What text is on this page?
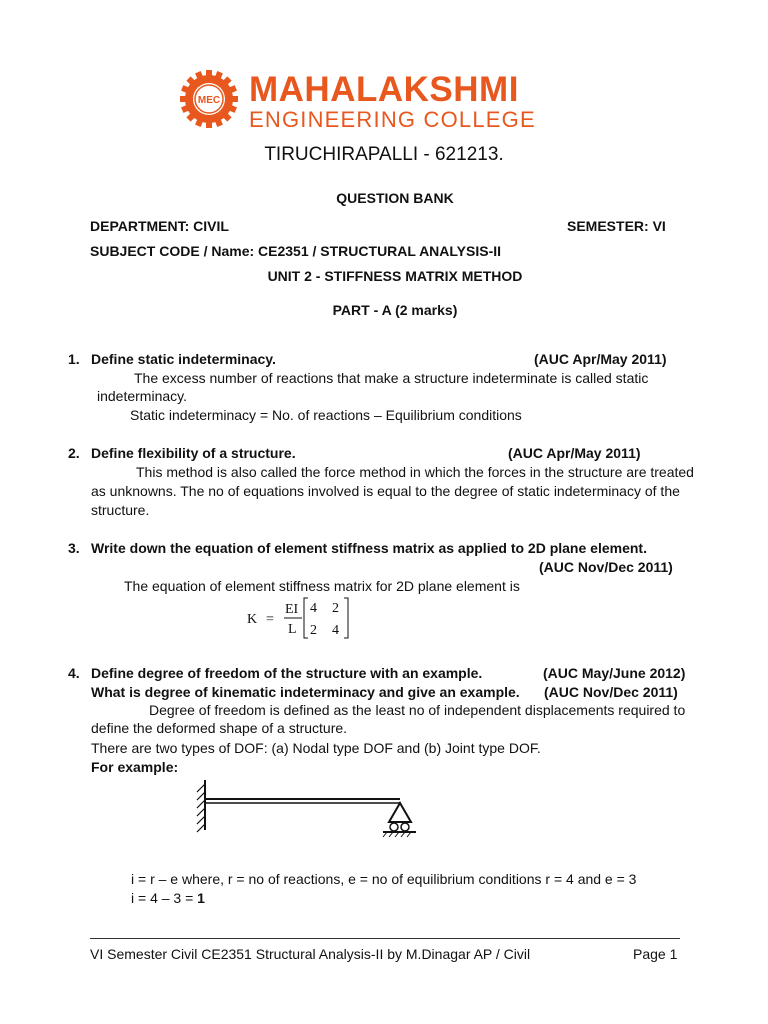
MEC MAHALAKSHMI
ENGINEERING COLLEGE
TIRUCHIRAPALLI - 621213.
QUESTION BANK
DEPARTMENT: CIVIL	SEMESTER: VI
SUBJECT CODE / Name: CE2351 / STRUCTURAL ANALYSIS-II
UNIT 2 - STIFFNESS MATRIX METHOD
PART - A (2 marks)
1. Define static indeterminacy.	(AUC Apr/May 2011)
The excess number of reactions that make a structure indeterminate is called static
indeterminacy.
Static indeterminacy = No. of reactions – Equilibrium conditions
2. Define flexibility of a structure.	(AUC Apr/May 2011)
This method is also called the force method in which the forces in the structure are treated
as unknowns. The no of equations involved is equal to the degree of static indeterminacy of the
structure.
3. Write down the equation of element stiffness matrix as applied to 2D plane element.
(AUC Nov/Dec 2011)
The equation of element stiffness matrix for 2D plane element is
K =
EI
L
4 2
2 4
4. Define degree of freedom of the structure with an example.	(AUC May/June 2012)
What is degree of kinematic indeterminacy and give an example. (AUC Nov/Dec 2011)
Degree of freedom is defined as the least no of independent displacements required to
define the deformed shape of a structure.
There are two types of DOF: (a) Nodal type DOF and (b) Joint type DOF.
For example:
i = r – e where, r = no of reactions, e = no of equilibrium conditions r = 4 and e = 3
i = 4 – 3 = 1
VI Semester Civil CE2351 Structural Analysis-II by M.Dinagar AP / Civil	Page 1
